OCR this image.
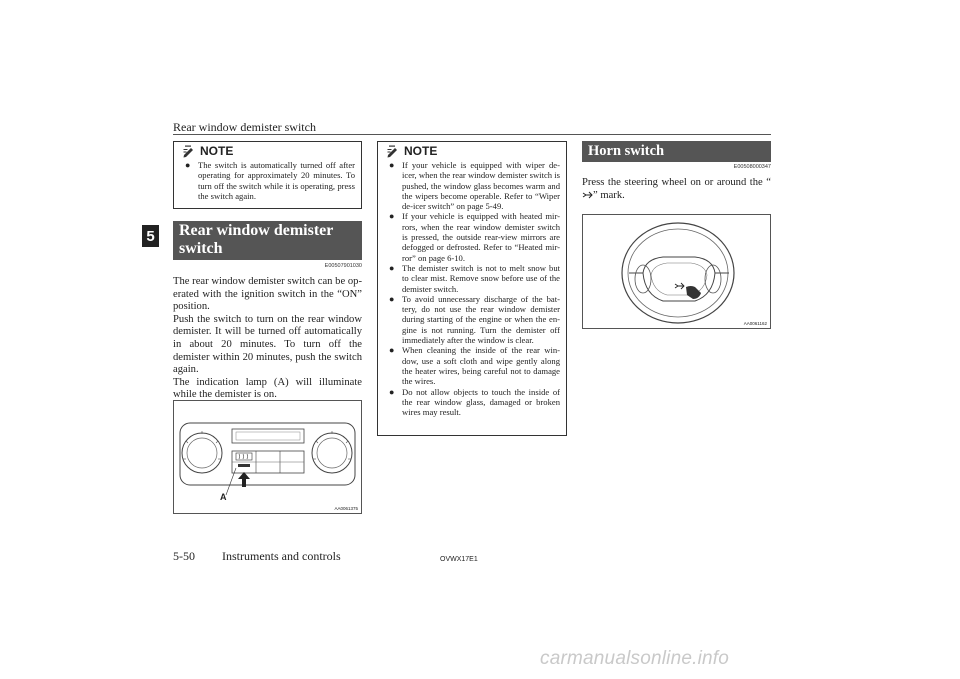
Rear window demister switch
5
NOTE
● The switch is automatically turned off after operating for approximately 20 minutes. To turn off the switch while it is operating, press the switch again.
Rear window demister switch
E00507901030
The rear window demister switch can be op- erated with the ignition switch in the “ON” position.
Push the switch to turn on the rear window demister. It will be turned off automatically in about 20 minutes. To turn off the demister within 20 minutes, push the switch again.
The indication lamp (A) will illuminate while the demister is on.
A
AA0061375
NOTE
● If your vehicle is equipped with wiper de- icer, when the rear window demister switch is pushed, the window glass becomes warm and the wipers become operable. Refer to “Wiper de-icer switch” on page 5-49.
● If your vehicle is equipped with heated mir- rors, when the rear window demister switch is pressed, the outside rear-view mirrors are defogged or defrosted. Refer to “Heated mir- ror” on page 6-10.
● The demister switch is not to melt snow but to clear mist. Remove snow before use of the demister switch.
● To avoid unnecessary discharge of the bat- tery, do not use the rear window demister during starting of the engine or when the en- gine is not running. Turn the demister off immediately after the window is clear.
● When cleaning the inside of the rear win- dow, use a soft cloth and wipe gently along the heater wires, being careful not to damage the wires.
● Do not allow objects to touch the inside of the rear window glass, damaged or broken wires may result.
Horn switch
E00508000347
Press the steering wheel on or around the “” mark.
AA0061162
5-50 Instruments and controls	OVWX17E1
carmanualsonline.info
